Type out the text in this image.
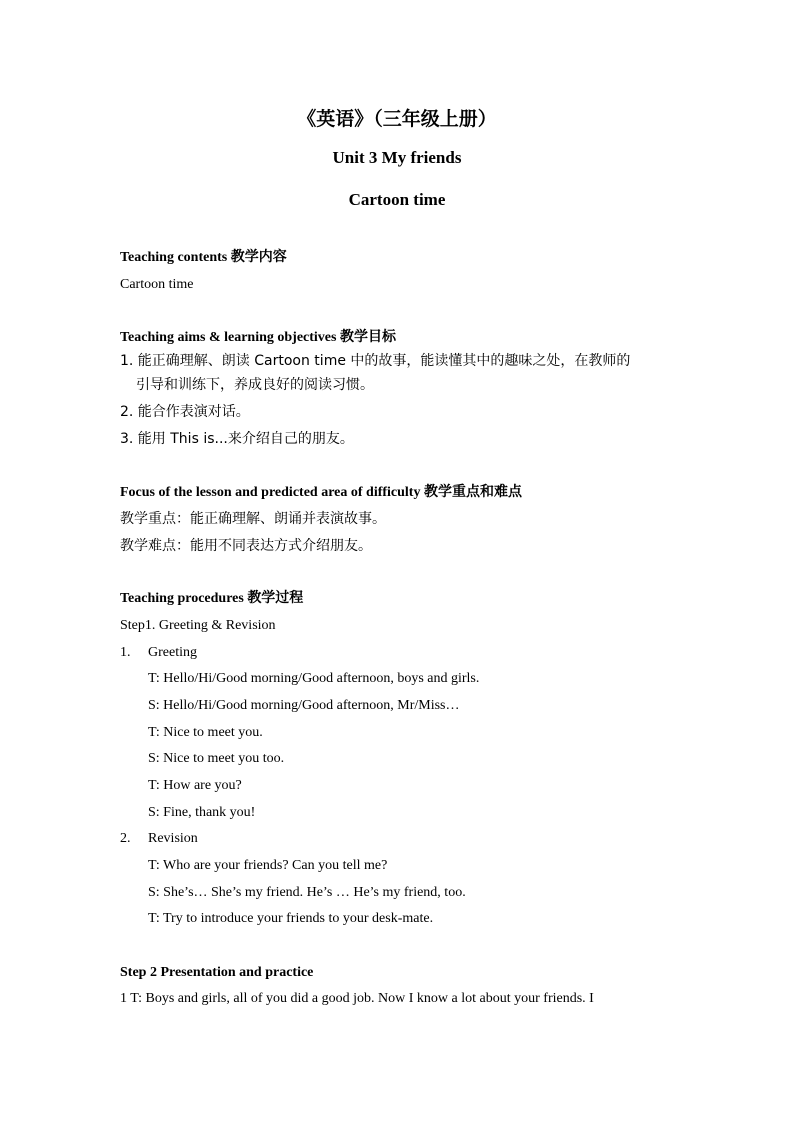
《英语》（三年级上册）
Unit 3 My friends
Cartoon time
Teaching contents 教学内容
Cartoon time
Teaching aims & learning objectives 教学目标
1. 能正确理解、朗读 Cartoon time 中的故事，能读懂其中的趣味之处，在教师的
引导和训练下，养成良好的阅读习惯。
2. 能合作表演对话。
3. 能用 This is...来介绍自己的朋友。
Focus of the lesson and predicted area of difficulty 教学重点和难点
教学重点：能正确理解、朗诵并表演故事。
教学难点：能用不同表达方式介绍朋友。
Teaching procedures 教学过程
Step1. Greeting & Revision
1. Greeting
T: Hello/Hi/Good morning/Good afternoon, boys and girls.
S: Hello/Hi/Good morning/Good afternoon, Mr/Miss…
T: Nice to meet you.
S: Nice to meet you too.
T: How are you?
S: Fine, thank you!
2. Revision
T: Who are your friends? Can you tell me?
S: She’s… She’s my friend. He’s … He’s my friend, too.
T: Try to introduce your friends to your desk-mate.
Step 2 Presentation and practice
1 T: Boys and girls, all of you did a good job. Now I know a lot about your friends. I
